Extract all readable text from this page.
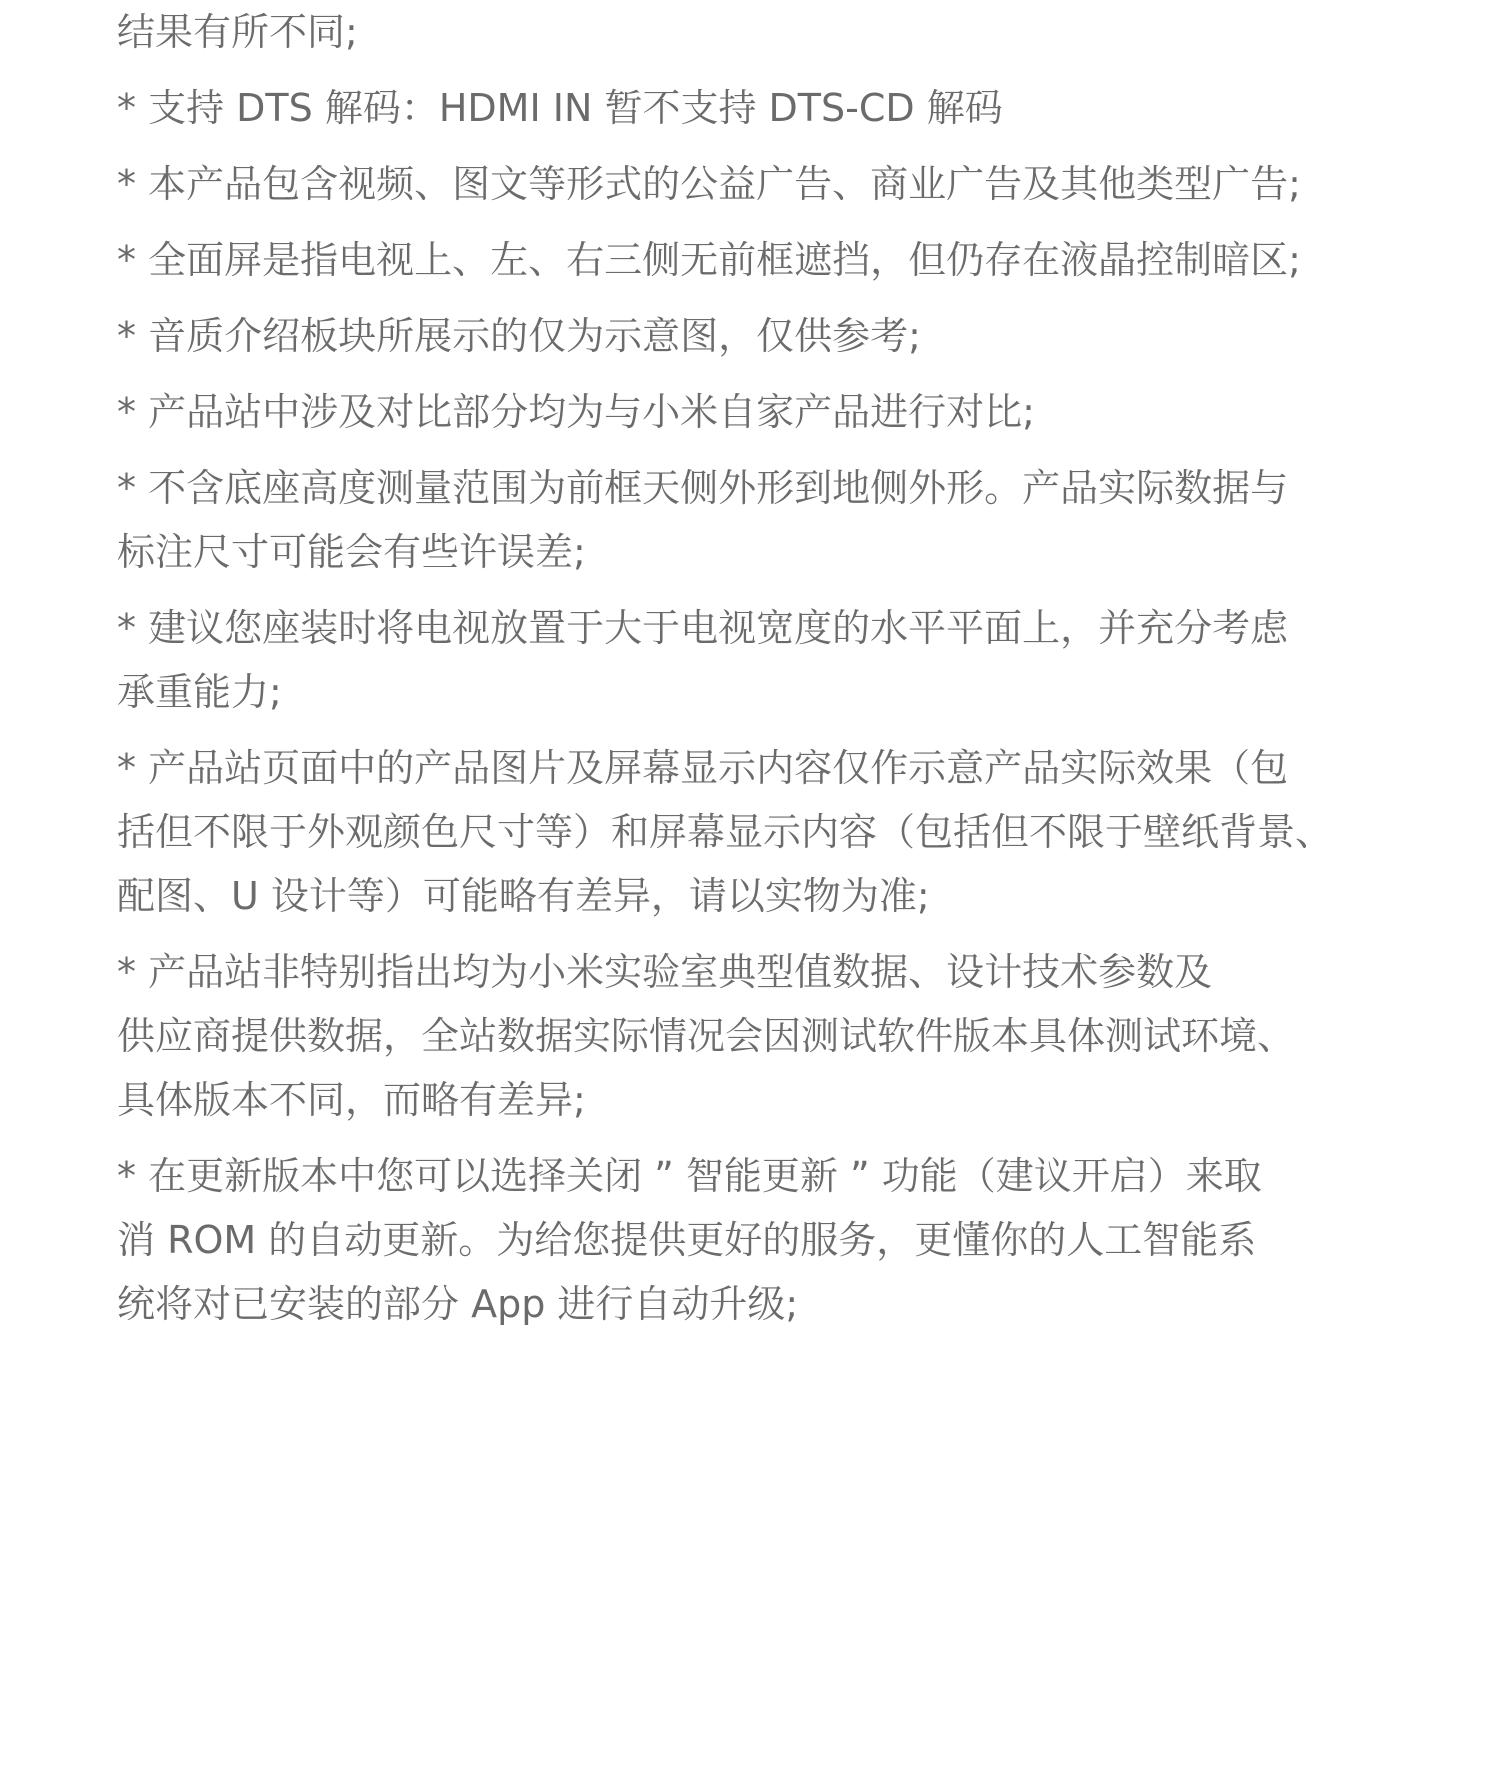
结果有所不同;

* 支持 DTS 解码：HDMI IN 暂不支持 DTS-CD 解码

* 本产品包含视频、图文等形式的公益广告、商业广告及其他类型广告;

* 全面屏是指电视上、左、右三侧无前框遮挡，但仍存在液晶控制暗区;

* 音质介绍板块所展示的仅为示意图，仅供参考;

* 产品站中涉及对比部分均为与小米自家产品进行对比;

* 不含底座高度测量范围为前框天侧外形到地侧外形。产品实际数据与

标注尺寸可能会有些许误差;

* 建议您座装时将电视放置于大于电视宽度的水平平面上，并充分考虑

承重能力;

* 产品站页面中的产品图片及屏幕显示内容仅作示意产品实际效果（包

括但不限于外观颜色尺寸等）和屏幕显示内容（包括但不限于壁纸背景、

配图、U 设计等）可能略有差异，请以实物为准;

* 产品站非特别指出均为小米实验室典型值数据、设计技术参数及

供应商提供数据，全站数据实际情况会因测试软件版本具体测试环境、

具体版本不同，而略有差异;

* 在更新版本中您可以选择关闭 ” 智能更新 ” 功能（建议开启）来取

消 ROM 的自动更新。为给您提供更好的服务，更懂你的人工智能系

统将对已安装的部分 App 进行自动升级;
